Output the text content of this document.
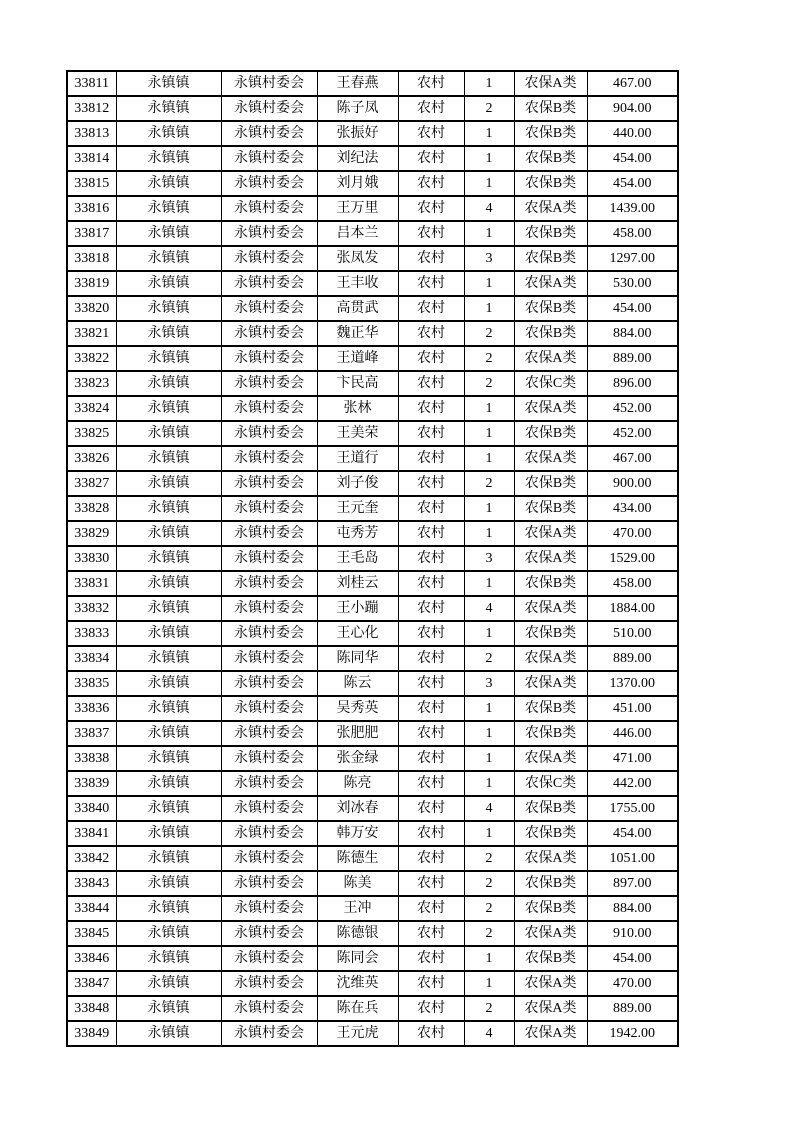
33811	永镇镇	永镇村委会	王春燕	农村	1	农保A类	467.00
33812	永镇镇	永镇村委会	陈子凤	农村	2	农保B类	904.00
33813	永镇镇	永镇村委会	张振好	农村	1	农保B类	440.00
33814	永镇镇	永镇村委会	刘纪法	农村	1	农保B类	454.00
33815	永镇镇	永镇村委会	刘月娥	农村	1	农保B类	454.00
33816	永镇镇	永镇村委会	王万里	农村	4	农保A类	1439.00
33817	永镇镇	永镇村委会	吕本兰	农村	1	农保B类	458.00
33818	永镇镇	永镇村委会	张凤发	农村	3	农保B类	1297.00
33819	永镇镇	永镇村委会	王丰收	农村	1	农保A类	530.00
33820	永镇镇	永镇村委会	高贯武	农村	1	农保B类	454.00
33821	永镇镇	永镇村委会	魏正华	农村	2	农保B类	884.00
33822	永镇镇	永镇村委会	王道峰	农村	2	农保A类	889.00
33823	永镇镇	永镇村委会	卞民高	农村	2	农保C类	896.00
33824	永镇镇	永镇村委会	张林	农村	1	农保A类	452.00
33825	永镇镇	永镇村委会	王美荣	农村	1	农保B类	452.00
33826	永镇镇	永镇村委会	王道行	农村	1	农保A类	467.00
33827	永镇镇	永镇村委会	刘子俊	农村	2	农保B类	900.00
33828	永镇镇	永镇村委会	王元奎	农村	1	农保B类	434.00
33829	永镇镇	永镇村委会	屯秀芳	农村	1	农保A类	470.00
33830	永镇镇	永镇村委会	王毛岛	农村	3	农保A类	1529.00
33831	永镇镇	永镇村委会	刘桂云	农村	1	农保B类	458.00
33832	永镇镇	永镇村委会	王小蹦	农村	4	农保A类	1884.00
33833	永镇镇	永镇村委会	王心化	农村	1	农保B类	510.00
33834	永镇镇	永镇村委会	陈同华	农村	2	农保A类	889.00
33835	永镇镇	永镇村委会	陈云	农村	3	农保A类	1370.00
33836	永镇镇	永镇村委会	吴秀英	农村	1	农保B类	451.00
33837	永镇镇	永镇村委会	张肥肥	农村	1	农保B类	446.00
33838	永镇镇	永镇村委会	张金绿	农村	1	农保A类	471.00
33839	永镇镇	永镇村委会	陈亮	农村	1	农保C类	442.00
33840	永镇镇	永镇村委会	刘冰春	农村	4	农保B类	1755.00
33841	永镇镇	永镇村委会	韩万安	农村	1	农保B类	454.00
33842	永镇镇	永镇村委会	陈德生	农村	2	农保A类	1051.00
33843	永镇镇	永镇村委会	陈美	农村	2	农保B类	897.00
33844	永镇镇	永镇村委会	王冲	农村	2	农保B类	884.00
33845	永镇镇	永镇村委会	陈德银	农村	2	农保A类	910.00
33846	永镇镇	永镇村委会	陈同会	农村	1	农保B类	454.00
33847	永镇镇	永镇村委会	沈维英	农村	1	农保A类	470.00
33848	永镇镇	永镇村委会	陈在兵	农村	2	农保A类	889.00
33849	永镇镇	永镇村委会	王元虎	农村	4	农保A类	1942.00
